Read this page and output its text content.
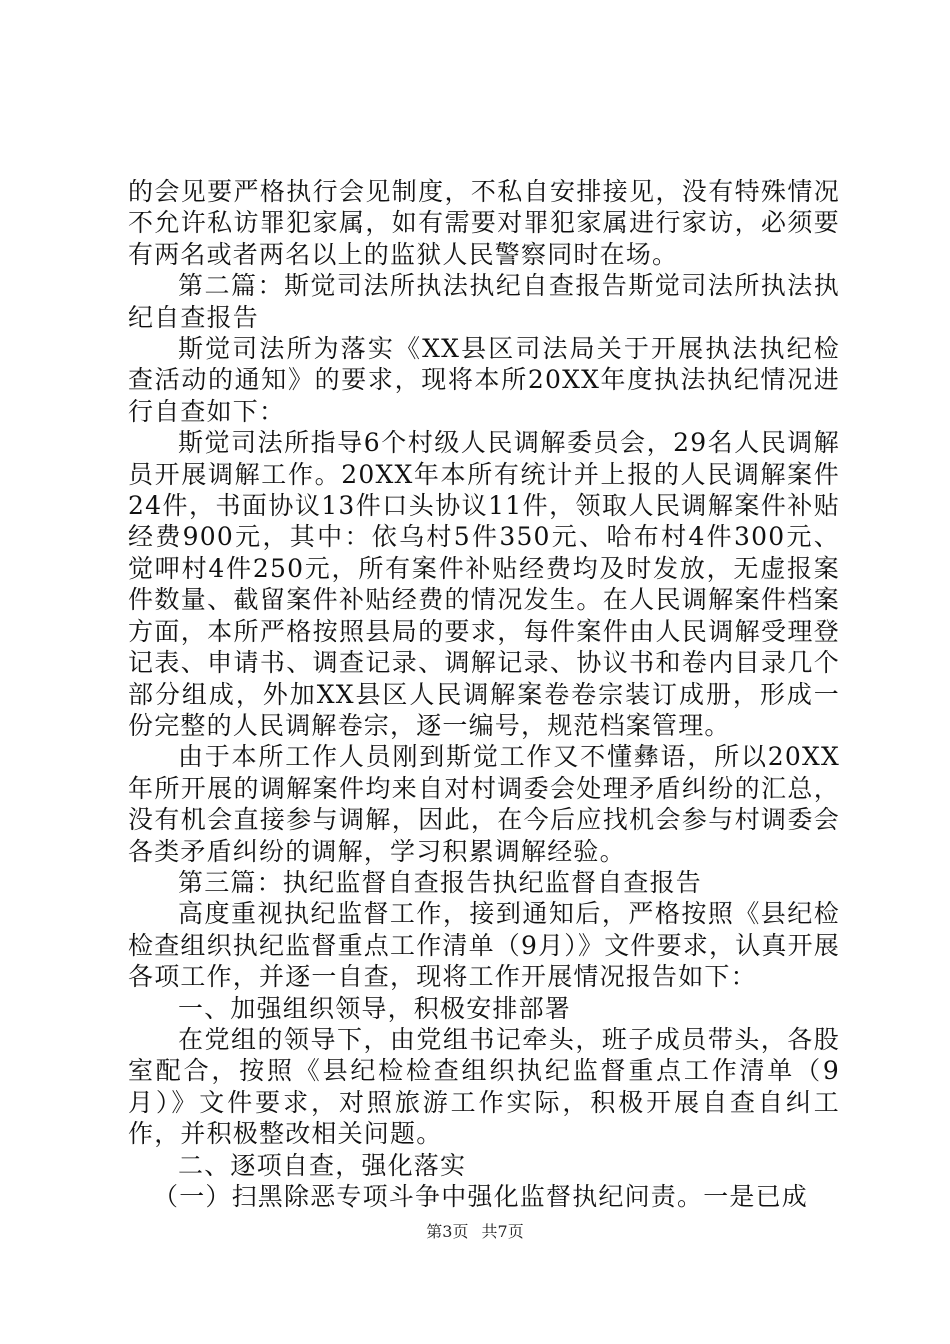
的会见要严格执行会见制度，不私自安排接见，没有特殊情况不允许私访罪犯家属，如有需要对罪犯家属进行家访，必须要有两名或者两名以上的监狱人民警察同时在场。

第二篇：斯觉司法所执法执纪自查报告斯觉司法所执法执纪自查报告

斯觉司法所为落实《XX县区司法局关于开展执法执纪检查活动的通知》的要求，现将本所20XX年度执法执纪情况进行自查如下：

斯觉司法所指导6个村级人民调解委员会，29名人民调解员开展调解工作。20XX年本所有统计并上报的人民调解案件24件，书面协议13件口头协议11件，领取人民调解案件补贴经费900元，其中：依乌村5件350元、哈布村4件300元、觉呷村4件250元，所有案件补贴经费均及时发放，无虚报案件数量、截留案件补贴经费的情况发生。在人民调解案件档案方面，本所严格按照县局的要求，每件案件由人民调解受理登记表、申请书、调查记录、调解记录、协议书和卷内目录几个部分组成，外加XX县区人民调解案卷卷宗装订成册，形成一份完整的人民调解卷宗，逐一编号，规范档案管理。

由于本所工作人员刚到斯觉工作又不懂彝语，所以20XX年所开展的调解案件均来自对村调委会处理矛盾纠纷的汇总，没有机会直接参与调解，因此，在今后应找机会参与村调委会各类矛盾纠纷的调解，学习积累调解经验。

第三篇：执纪监督自查报告执纪监督自查报告

高度重视执纪监督工作，接到通知后，严格按照《县纪检检查组织执纪监督重点工作清单（9月）》文件要求，认真开展各项工作，并逐一自查，现将工作开展情况报告如下：

一、加强组织领导，积极安排部署

在党组的领导下，由党组书记牵头，班子成员带头，各股室配合，按照《县纪检检查组织执纪监督重点工作清单（9月）》文件要求，对照旅游工作实际，积极开展自查自纠工作，并积极整改相关问题。

二、逐项自查，强化落实

（一）扫黑除恶专项斗争中强化监督执纪问责。一是已成

第3页 共7页
